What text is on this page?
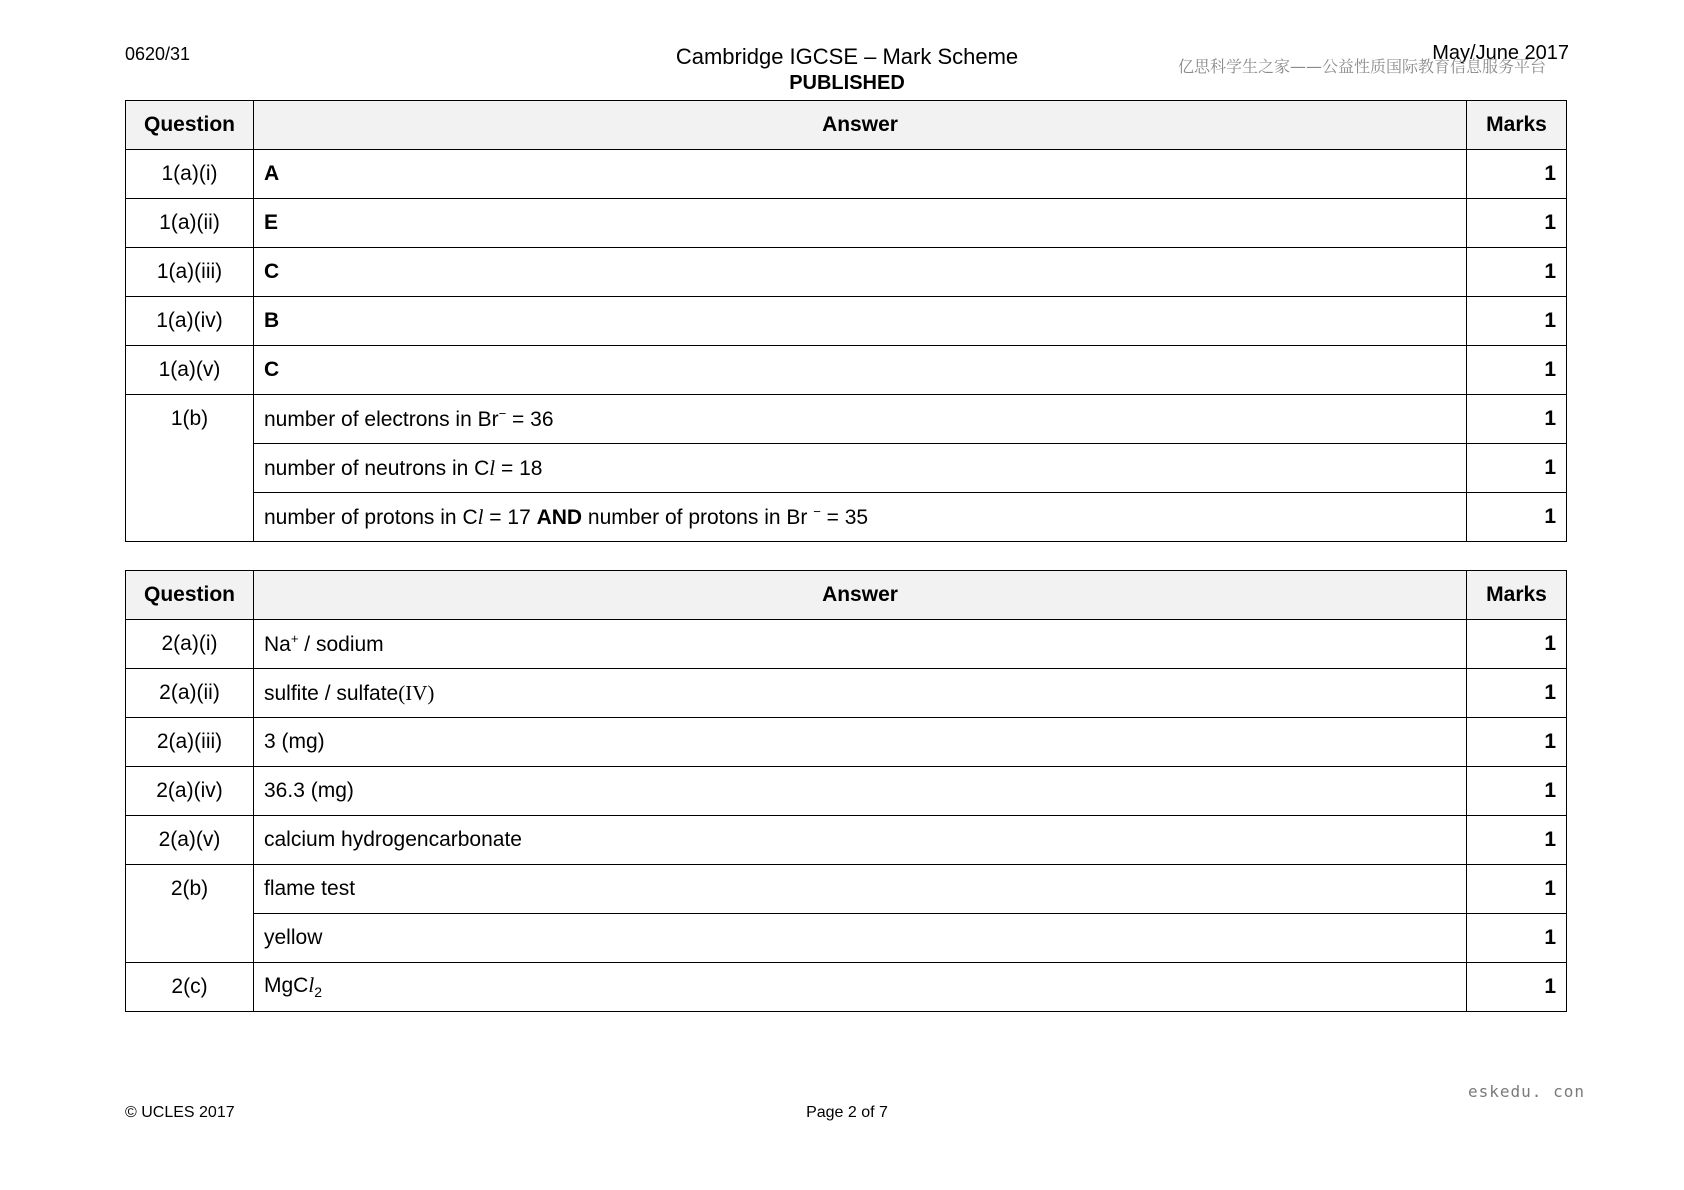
0620/31	Cambridge IGCSE – Mark Scheme
PUBLISHED
May/June 2017
亿思科学生之家——公益性质国际教育信息服务平台
Question	Answer	Marks
1(a)(i)	A	1
1(a)(ii)	E	1
1(a)(iii)	C	1
1(a)(iv)	B	1
1(a)(v)	C	1
1(b)	number of electrons in Br− = 36	1
	number of neutrons in Cl = 18	1
	number of protons in Cl = 17 AND number of protons in Br − = 35	1
Question	Answer	Marks
2(a)(i)	Na+ / sodium	1
2(a)(ii)	sulfite / sulfate(IV)	1
2(a)(iii)	3 (mg)	1
2(a)(iv)	36.3 (mg)	1
2(a)(v)	calcium hydrogencarbonate	1
2(b)	flame test	1
	yellow	1
2(c)	MgCl$_2$	1
© UCLES 2017	Page 2 of 7
eskedu. con
